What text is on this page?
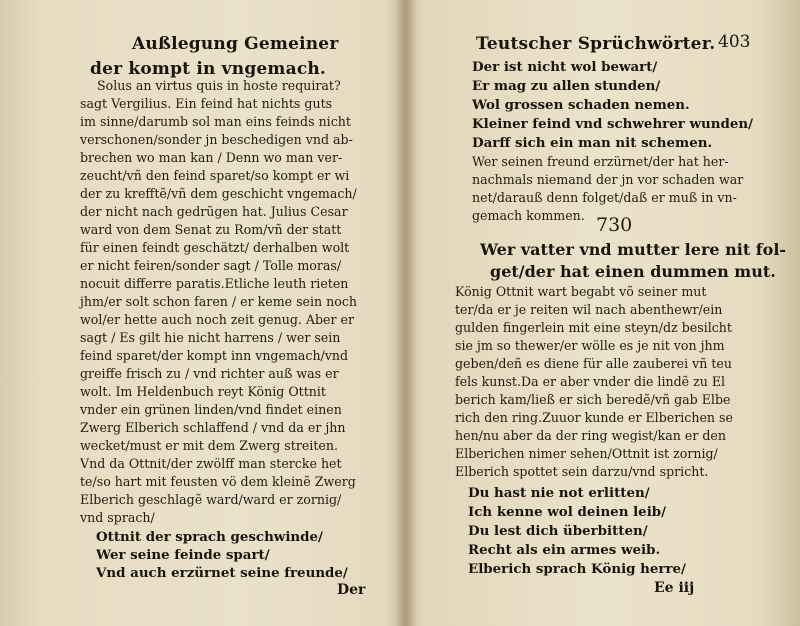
Außlegung Gemeiner
der kompt in vngemach.
Solus an virtus quis in hoste requirat?
sagt Vergilius. Ein feind hat nichts guts
im sinne/darumb sol man eins feinds nicht
verschonen/sonder jn beschedigen vnd ab-
brechen wo man kan / Denn wo man ver-
zeucht/vñ den feind sparet/so kompt er wi
der zu krefftẽ/vñ dem geschicht vngemach/
der nicht nach gedrũgen hat. Julius Cesar
ward von dem Senat zu Rom/vñ der statt
für einen feindt geschätzt/ derhalben wolt
er nicht feiren/sonder sagt / Tolle moras/
nocuit differre paratis.Etliche leuth rieten
jhm/er solt schon faren / er keme sein noch
wol/er hette auch noch zeit genug. Aber er
sagt / Es gilt hie nicht harrens / wer sein
feind sparet/der kompt inn vngemach/vnd
greiffe frisch zu / vnd richter auß was er
wolt. Im Heldenbuch reyt König Ottnit
vnder ein grünen linden/vnd findet einen
Zwerg Elberich schlaffend / vnd da er jhn
wecket/must er mit dem Zwerg streiten.
Vnd da Ottnit/der zwölff man stercke het
te/so hart mit feusten vö dem kleinẽ Zwerg
Elberich geschlagẽ ward/ward er zornig/
vnd sprach/
Ottnit der sprach geschwinde/
Wer seine feinde spart/
Vnd auch erzürnet seine freunde/
Der
Teutscher Sprüchwörter. 403
Der ist nicht wol bewart/
Er mag zu allen stunden/
Wol grossen schaden nemen.
Kleiner feind vnd schwehrer wunden/
Darff sich ein man nit schemen.
Wer seinen freund erzürnet/der hat her-
nachmals niemand der jn vor schaden war
net/darauß denn folget/daß er muß in vn-
gemach kommen. 730
Wer vatter vnd mutter lere nit fol-
get/der hat einen dummen mut.
König Ottnit wart begabt võ seiner mut
ter/da er je reiten wil nach abenthewr/ein
gulden fingerlein mit eine steyn/dz besilcht
sie jm so thewer/er wölle es je nit von jhm
geben/deñ es diene für alle zauberei vñ teu
fels kunst.Da er aber vnder die lindẽ zu El
berich kam/ließ er sich beredẽ/vñ gab Elbe
rich den ring.Zuuor kunde er Elberichen se
hen/nu aber da der ring wegist/kan er den
Elberichen nimer sehen/Ottnit ist zornig/
Elberich spottet sein darzu/vnd spricht.
Du hast nie not erlitten/
Ich kenne wol deinen leib/
Du lest dich überbitten/
Recht als ein armes weib.
Elberich sprach König herre/
Ee iij
